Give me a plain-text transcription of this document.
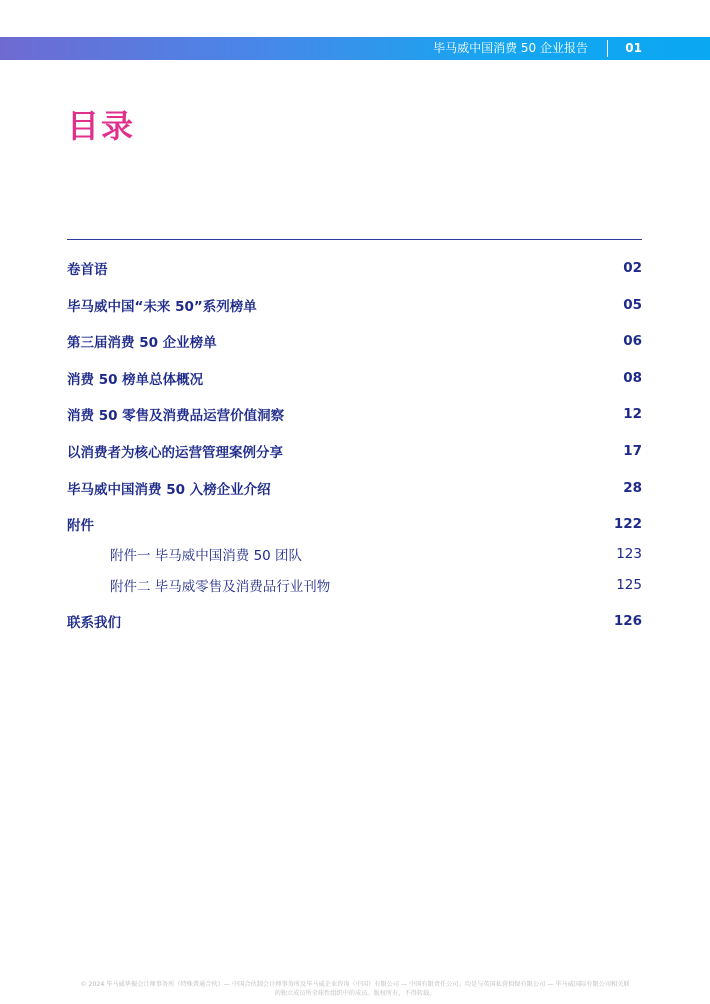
毕马威中国消费 50 企业报告	01
目录
卷首语	02
毕马威中国“未来 50”系列榜单	05
第三届消费 50 企业榜单	06
消费 50 榜单总体概况	08
消费 50 零售及消费品运营价值洞察	12
以消费者为核心的运营管理案例分享	17
毕马威中国消费 50 入榜企业介绍	28
附件	122
附件一 毕马威中国消费 50 团队	123
附件二 毕马威零售及消费品行业刊物	125
联系我们	126
© 2024 毕马威华振会计师事务所（特殊普通合伙）— 中国合伙制会计师事务所及毕马威企业咨询（中国）有限公司 — 中国有限责任公司。均是与英国私营担保有限公司 — 毕马威国际有限公司相关联
的独立成员所全球性组织中的成员。版权所有，不得转载。
